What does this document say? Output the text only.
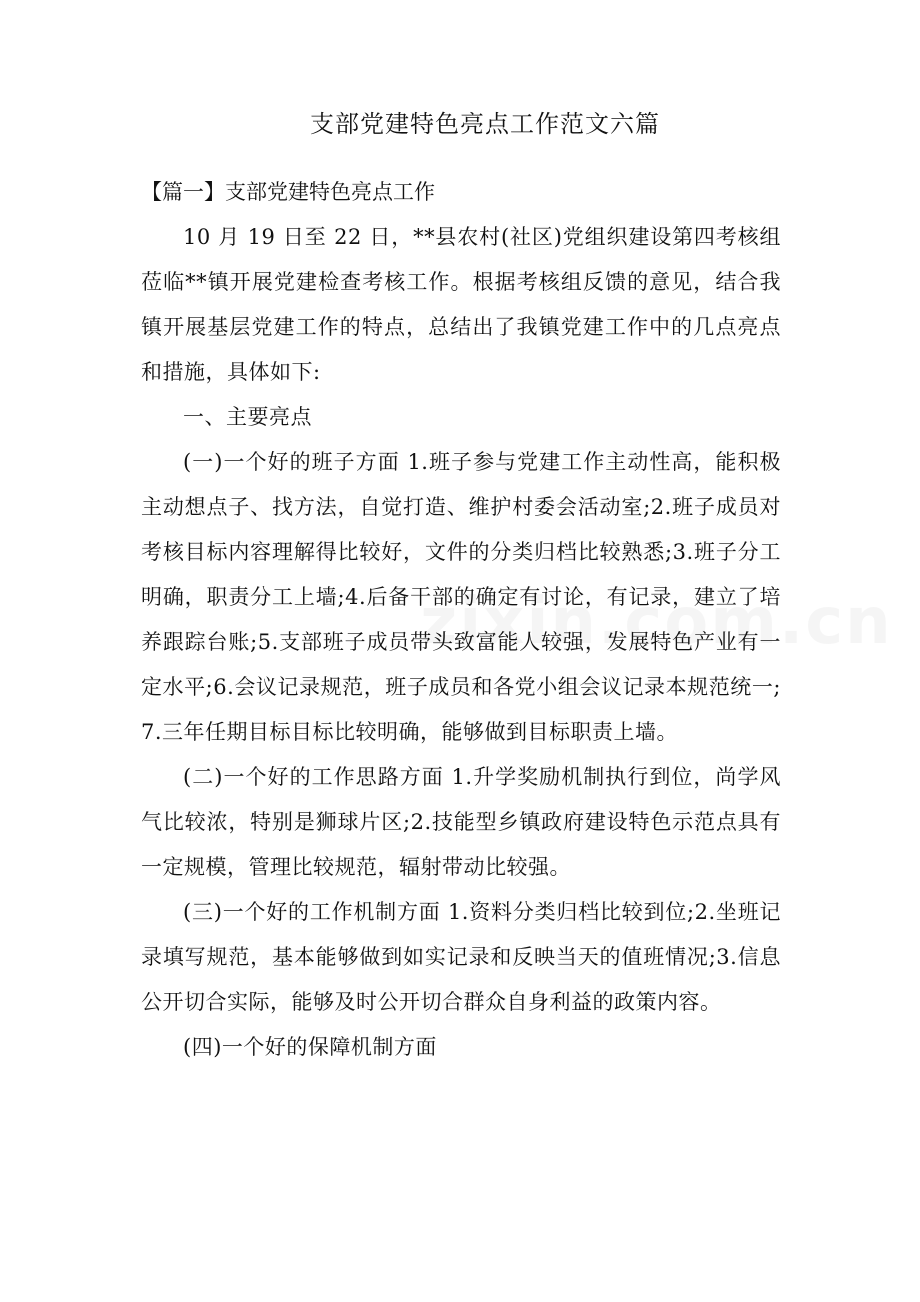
支部党建特色亮点工作范文六篇

【篇一】支部党建特色亮点工作

10 月 19 日至 22 日，**县农村(社区)党组织建设第四考核组莅临**镇开展党建检查考核工作。根据考核组反馈的意见，结合我镇开展基层党建工作的特点，总结出了我镇党建工作中的几点亮点和措施，具体如下:

一、主要亮点

(一)一个好的班子方面 1.班子参与党建工作主动性高，能积极主动想点子、找方法，自觉打造、维护村委会活动室;2.班子成员对考核目标内容理解得比较好，文件的分类归档比较熟悉;3.班子分工明确，职责分工上墙;4.后备干部的确定有讨论，有记录，建立了培养跟踪台账;5.支部班子成员带头致富能人较强，发展特色产业有一定水平;6.会议记录规范，班子成员和各党小组会议记录本规范统一;7.三年任期目标目标比较明确，能够做到目标职责上墙。

(二)一个好的工作思路方面 1.升学奖励机制执行到位，尚学风气比较浓，特别是狮球片区;2.技能型乡镇政府建设特色示范点具有一定规模，管理比较规范，辐射带动比较强。

(三)一个好的工作机制方面 1.资料分类归档比较到位;2.坐班记录填写规范，基本能够做到如实记录和反映当天的值班情况;3.信息公开切合实际，能够及时公开切合群众自身利益的政策内容。

(四)一个好的保障机制方面
